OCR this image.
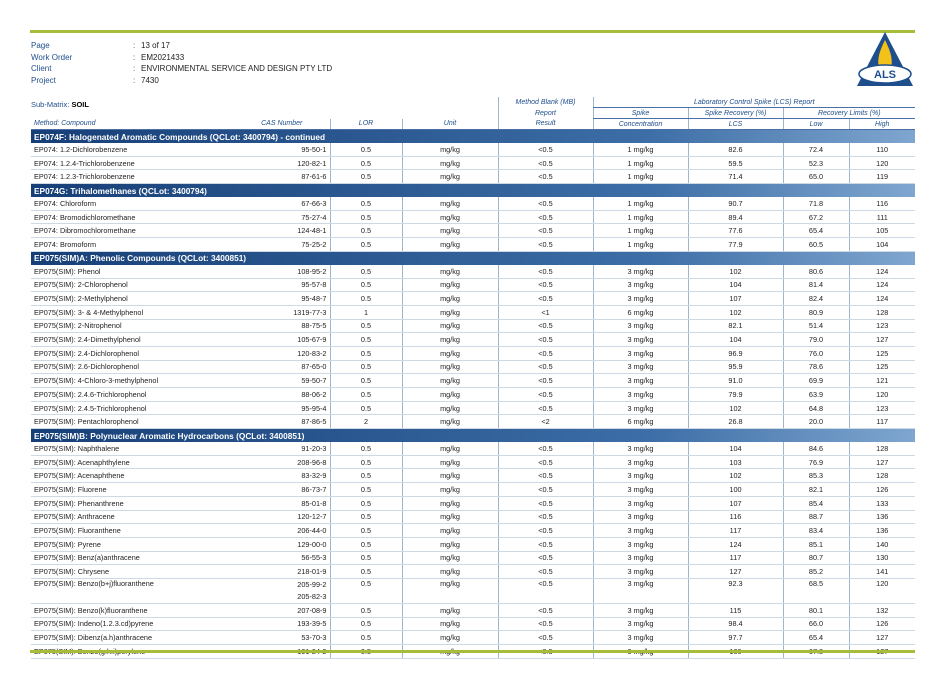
Page	: 13 of 17
Work Order	: EM2021433
Client	: ENVIRONMENTAL SERVICE AND DESIGN PTY LTD
Project	: 7430	ALS
Sub-Matrix: SOIL
					Method Blank (MB)	Laboratory Control Spike (LCS) Report			
				Report	Spike	Spike Recovery (%)	Recovery Limits (%)	
Method: Compound	CAS Number	LOR	Unit	Result	Concentration	LCS	Low	High
EP074F: Halogenated Aromatic Compounds (QCLot: 3400794) - continued								
EP074: 1.2-Dichlorobenzene	95-50-1	0.5	mg/kg	<0.5	1 mg/kg	82.6	72.4	110
EP074: 1.2.4-Trichlorobenzene	120-82-1	0.5	mg/kg	<0.5	1 mg/kg	59.5	52.3	120
EP074: 1.2.3-Trichlorobenzene	87-61-6	0.5	mg/kg	<0.5	1 mg/kg	71.4	65.0	119
EP074G: Trihalomethanes (QCLot: 3400794)								
EP074: Chloroform	67-66-3	0.5	mg/kg	<0.5	1 mg/kg	90.7	71.8	116
EP074: Bromodichloromethane	75-27-4	0.5	mg/kg	<0.5	1 mg/kg	89.4	67.2	111
EP074: Dibromochloromethane	124-48-1	0.5	mg/kg	<0.5	1 mg/kg	77.6	65.4	105
EP074: Bromoform	75-25-2	0.5	mg/kg	<0.5	1 mg/kg	77.9	60.5	104
EP075(SIM)A: Phenolic Compounds (QCLot: 3400851)								
EP075(SIM): Phenol	108-95-2	0.5	mg/kg	<0.5	3 mg/kg	102	80.6	124
EP075(SIM): 2-Chlorophenol	95-57-8	0.5	mg/kg	<0.5	3 mg/kg	104	81.4	124
EP075(SIM): 2-Methylphenol	95-48-7	0.5	mg/kg	<0.5	3 mg/kg	107	82.4	124
EP075(SIM): 3- & 4-Methylphenol	1319-77-3	1	mg/kg	<1	6 mg/kg	102	80.9	128
EP075(SIM): 2-Nitrophenol	88-75-5	0.5	mg/kg	<0.5	3 mg/kg	82.1	51.4	123
EP075(SIM): 2.4-Dimethylphenol	105-67-9	0.5	mg/kg	<0.5	3 mg/kg	104	79.0	127
EP075(SIM): 2.4-Dichlorophenol	120-83-2	0.5	mg/kg	<0.5	3 mg/kg	96.9	76.0	125
EP075(SIM): 2.6-Dichlorophenol	87-65-0	0.5	mg/kg	<0.5	3 mg/kg	95.9	78.6	125
EP075(SIM): 4-Chloro-3-methylphenol	59-50-7	0.5	mg/kg	<0.5	3 mg/kg	91.0	69.9	121
EP075(SIM): 2.4.6-Trichlorophenol	88-06-2	0.5	mg/kg	<0.5	3 mg/kg	79.9	63.9	120
EP075(SIM): 2.4.5-Trichlorophenol	95-95-4	0.5	mg/kg	<0.5	3 mg/kg	102	64.8	123
EP075(SIM): Pentachlorophenol	87-86-5	2	mg/kg	<2	6 mg/kg	26.8	20.0	117
EP075(SIM)B: Polynuclear Aromatic Hydrocarbons (QCLot: 3400851)								
EP075(SIM): Naphthalene	91-20-3	0.5	mg/kg	<0.5	3 mg/kg	104	84.6	128
EP075(SIM): Acenaphthylene	208-96-8	0.5	mg/kg	<0.5	3 mg/kg	103	76.9	127
EP075(SIM): Acenaphthene	83-32-9	0.5	mg/kg	<0.5	3 mg/kg	102	85.3	128
EP075(SIM): Fluorene	86-73-7	0.5	mg/kg	<0.5	3 mg/kg	100	82.1	126
EP075(SIM): Phenanthrene	85-01-8	0.5	mg/kg	<0.5	3 mg/kg	107	85.4	133
EP075(SIM): Anthracene	120-12-7	0.5	mg/kg	<0.5	3 mg/kg	116	88.7	136
EP075(SIM): Fluoranthene	206-44-0	0.5	mg/kg	<0.5	3 mg/kg	117	83.4	136
EP075(SIM): Pyrene	129-00-0	0.5	mg/kg	<0.5	3 mg/kg	124	85.1	140
EP075(SIM): Benz(a)anthracene	56-55-3	0.5	mg/kg	<0.5	3 mg/kg	117	80.7	130
EP075(SIM): Chrysene	218-01-9	0.5	mg/kg	<0.5	3 mg/kg	127	85.2	141
EP075(SIM): Benzo(b+j)fluoranthene	205-99-2
205-82-3	0.5	mg/kg	<0.5	3 mg/kg	92.3	68.5	120
EP075(SIM): Benzo(k)fluoranthene	207-08-9	0.5	mg/kg	<0.5	3 mg/kg	115	80.1	132
EP075(SIM): Indeno(1.2.3.cd)pyrene	193-39-5	0.5	mg/kg	<0.5	3 mg/kg	98.4	66.0	126
EP075(SIM): Dibenz(a.h)anthracene	53-70-3	0.5	mg/kg	<0.5	3 mg/kg	97.7	65.4	127
